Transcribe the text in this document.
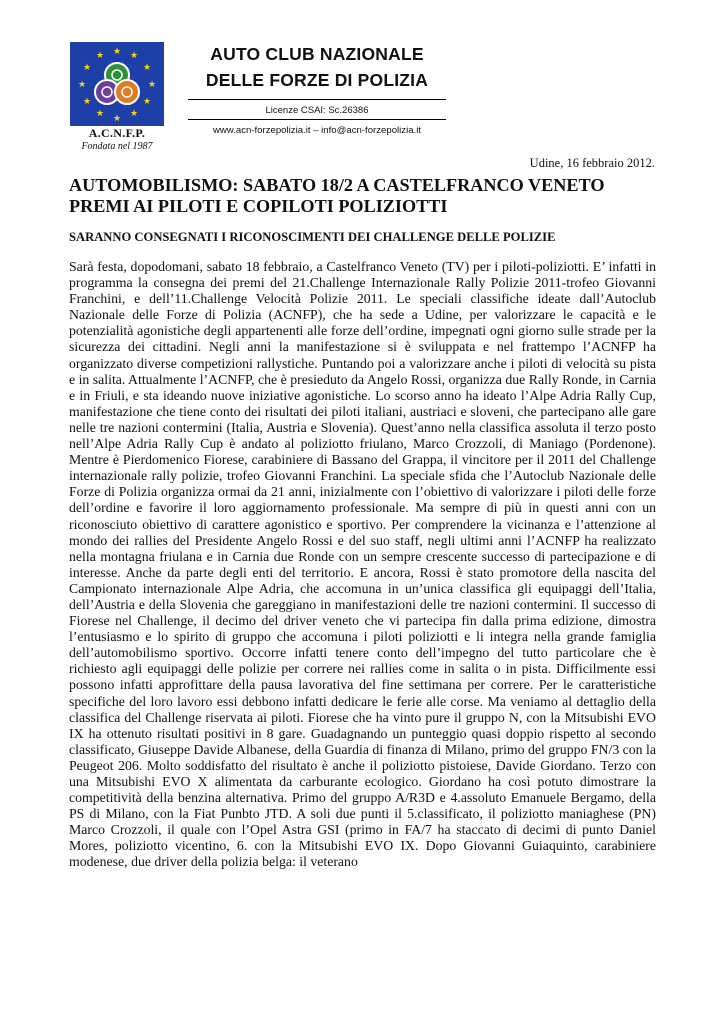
★ ★
★
★
★
★
★
★
★
★
★
★
A.C.N.F.P.
Fondata nel 1987
AUTO CLUB NAZIONALE
DELLE FORZE DI POLIZIA
Licenze CSAI: Sc.26386
www.acn-forzepolizia.it – info@acn-forzepolizia.it
Udine, 16 febbraio 2012.
AUTOMOBILISMO: SABATO 18/2 A CASTELFRANCO VENETO PREMI AI PILOTI E COPILOTI POLIZIOTTI
SARANNO CONSEGNATI I RICONOSCIMENTI DEI CHALLENGE DELLE POLIZIE

Sarà festa, dopodomani, sabato 18 febbraio, a Castelfranco Veneto (TV) per i piloti-poliziotti. E’ infatti in programma la consegna dei premi del 21.Challenge Internazionale Rally Polizie 2011-trofeo Giovanni Franchini, e dell’11.Challenge Velocità Polizie 2011. Le speciali classifiche ideate dall’Autoclub Nazionale delle Forze di Polizia (ACNFP), che ha sede a Udine, per valorizzare le capacità e le potenzialità agonistiche degli appartenenti alle forze dell’ordine, impegnati ogni giorno sulle strade per la sicurezza dei cittadini. Negli anni la manifestazione si è sviluppata e nel frattempo l’ACNFP ha organizzato diverse competizioni rallystiche. Puntando poi a valorizzare anche i piloti di velocità su pista e in salita. Attualmente l’ACNFP, che è presieduto da Angelo Rossi, organizza due Rally Ronde, in Carnia e in Friuli, e sta ideando nuove iniziative agonistiche. Lo scorso anno ha ideato l’Alpe Adria Rally Cup, manifestazione che tiene conto dei risultati dei piloti italiani, austriaci e sloveni, che partecipano alle gare nelle tre nazioni contermini (Italia, Austria e Slovenia). Quest’anno nella classifica assoluta il terzo posto nell’Alpe Adria Rally Cup è andato al poliziotto friulano, Marco Crozzoli, di Maniago (Pordenone). Mentre è Pierdomenico Fiorese, carabiniere di Bassano del Grappa, il vincitore per il 2011 del Challenge internazionale rally polizie, trofeo Giovanni Franchini. La speciale sfida che l’Autoclub Nazionale delle Forze di Polizia organizza ormai da 21 anni, inizialmente con l’obiettivo di valorizzare i piloti delle forze dell’ordine e favorire il loro aggiornamento professionale. Ma sempre di più in questi anni con un riconosciuto obiettivo di carattere agonistico e sportivo. Per comprendere la vicinanza e l’attenzione al mondo dei rallies del Presidente Angelo Rossi e del suo staff, negli ultimi anni l’ACNFP ha realizzato nella montagna friulana e in Carnia due Ronde con un sempre crescente successo di partecipazione e di interesse. Anche da parte degli enti del territorio. E ancora, Rossi è stato promotore della nascita del Campionato internazionale Alpe Adria, che accomuna in un’unica classifica gli equipaggi dell’Italia, dell’Austria e della Slovenia che gareggiano in manifestazioni delle tre nazioni contermini. Il successo di Fiorese nel Challenge, il decimo del driver veneto che vi partecipa fin dalla prima edizione, dimostra l’entusiasmo e lo spirito di gruppo che accomuna i piloti poliziotti e li integra nella grande famiglia dell’automobilismo sportivo. Occorre infatti tenere conto dell’impegno del tutto particolare che è richiesto agli equipaggi delle polizie per correre nei rallies come in salita o in pista. Difficilmente essi possono infatti approfittare della pausa lavorativa del fine settimana per correre. Per le caratteristiche specifiche del loro lavoro essi debbono infatti dedicare le ferie alle corse. Ma veniamo al dettaglio della classifica del Challenge riservata ai piloti. Fiorese che ha vinto pure il gruppo N, con la Mitsubishi EVO IX ha ottenuto risultati positivi in 8 gare. Guadagnando un punteggio quasi doppio rispetto al secondo classificato, Giuseppe Davide Albanese, della Guardia di finanza di Milano, primo del gruppo FN/3 con la Peugeot 206. Molto soddisfatto del risultato è anche il poliziotto pistoiese, Davide Giordano. Terzo con una Mitsubishi EVO X alimentata da carburante ecologico. Giordano ha così potuto dimostrare la competitività della benzina alternativa. Primo del gruppo A/R3D e 4.assoluto Emanuele Bergamo, della PS di Milano, con la Fiat Punbto JTD. A soli due punti il 5.classificato, il poliziotto maniaghese (PN) Marco Crozzoli, il quale con l’Opel Astra GSI (primo in FA/7 ha staccato di decimi di punto Daniel Mores, poliziotto vicentino, 6. con la Mitsubishi EVO IX. Dopo Giovanni Guiaquinto, carabiniere modenese, due driver della polizia belga: il veterano
